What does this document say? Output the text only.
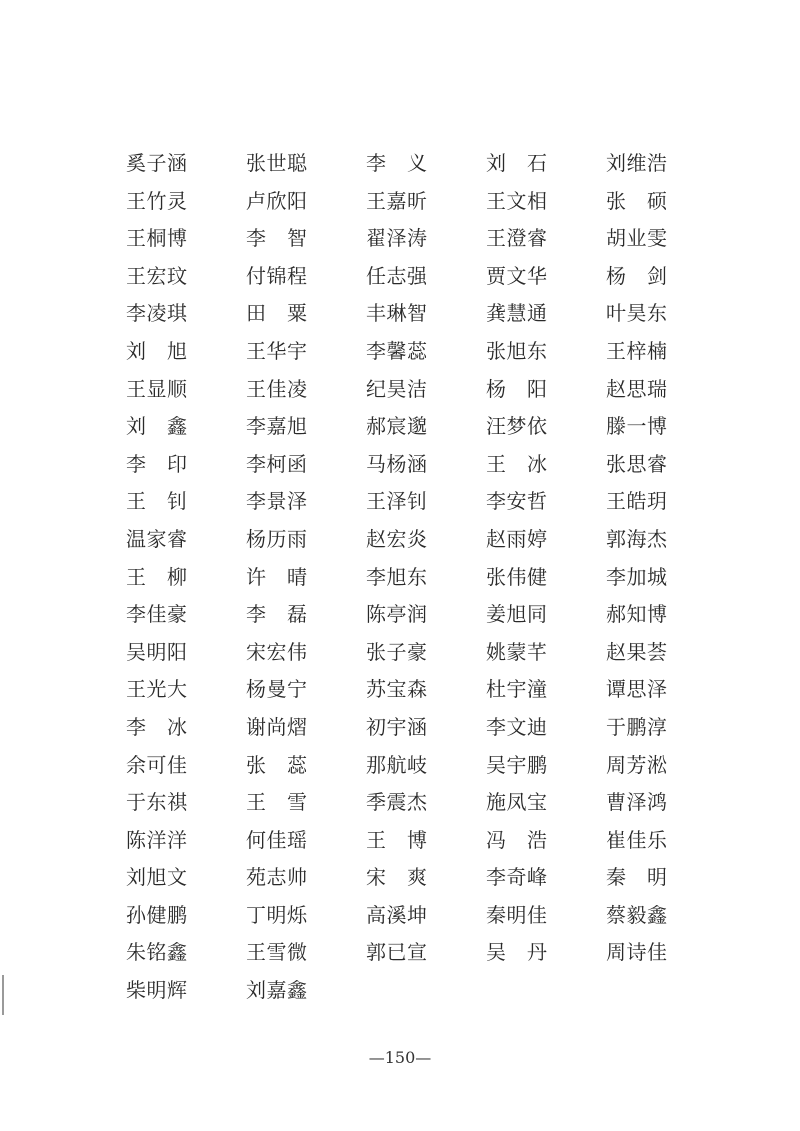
奚子涵	张世聪	李　义	刘　石	刘维浩
王竹灵	卢欣阳	王嘉昕	王文相	张　硕
王桐博	李　智	翟泽涛	王澄睿	胡业雯
王宏玟	付锦程	任志强	贾文华	杨　剑
李凌琪	田　粟	丰琳智	龚慧通	叶昊东
刘　旭	王华宇	李馨蕊	张旭东	王梓楠
王显顺	王佳凌	纪昊洁	杨　阳	赵思瑞
刘　鑫	李嘉旭	郝宸邈	汪梦依	滕一博
李　印	李柯函	马杨涵	王　冰	张思睿
王　钊	李景泽	王泽钊	李安哲	王皓玥
温家睿	杨历雨	赵宏炎	赵雨婷	郭海杰
王　柳	许　晴	李旭东	张伟健	李加城
李佳豪	李　磊	陈亭润	姜旭同	郝知博
吴明阳	宋宏伟	张子豪	姚蒙芊	赵果荟
王光大	杨曼宁	苏宝森	杜宇潼	谭思泽
李　冰	谢尚熠	初宇涵	李文迪	于鹏淳
余可佳	张　蕊	那航岐	吴宇鹏	周芳淞
于东祺	王　雪	季震杰	施凤宝	曹泽鸿
陈洋洋	何佳瑶	王　博	冯　浩	崔佳乐
刘旭文	苑志帅	宋　爽	李奇峰	秦　明
孙健鹏	丁明烁	高溪坤	秦明佳	蔡毅鑫
朱铭鑫	王雪微	郭已宣	吴　丹	周诗佳
柴明辉	刘嘉鑫
—150—
